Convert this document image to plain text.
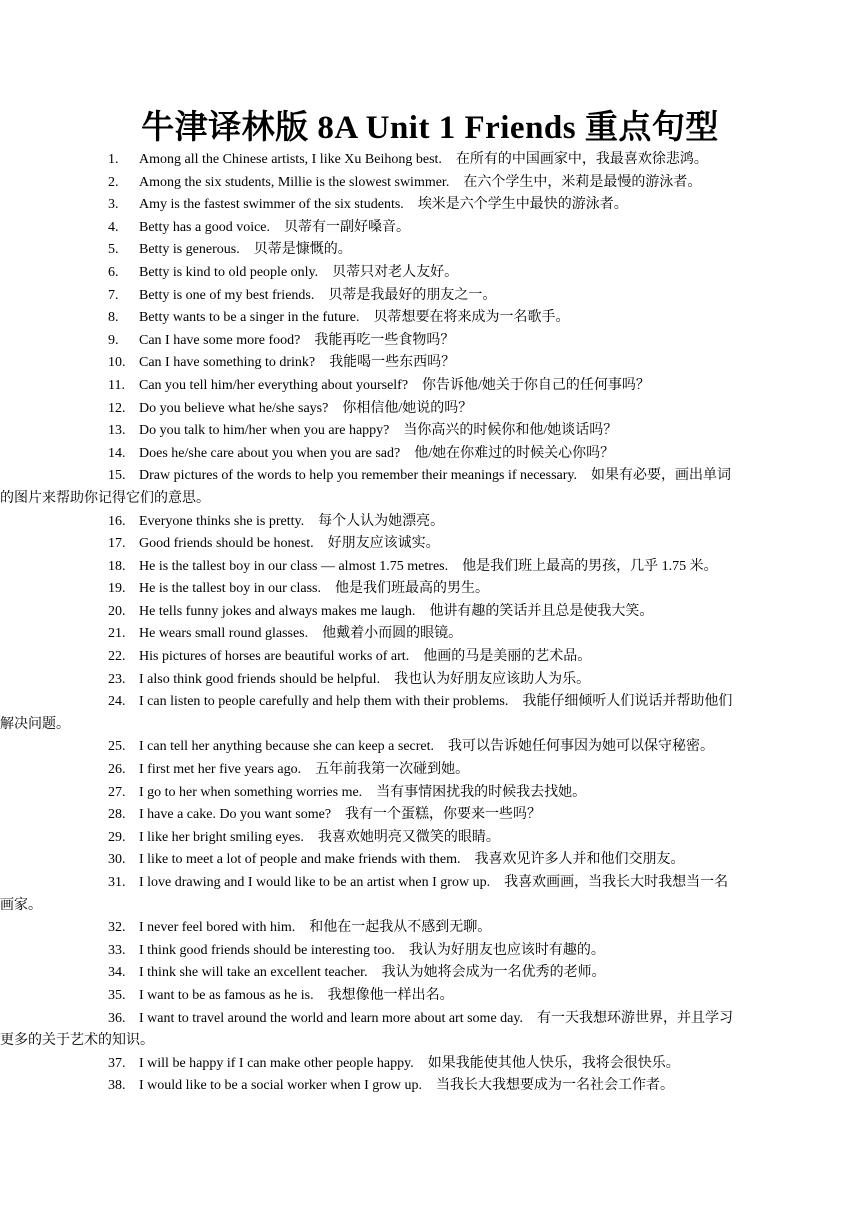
牛津译林版 8A Unit 1 Friends 重点句型
1. Among all the Chinese artists, I like Xu Beihong best. 在所有的中国画家中，我最喜欢徐悲鸿。
2. Among the six students, Millie is the slowest swimmer. 在六个学生中，米莉是最慢的游泳者。
3. Amy is the fastest swimmer of the six students. 埃米是六个学生中最快的游泳者。
4. Betty has a good voice. 贝蒂有一副好嗓音。
5. Betty is generous. 贝蒂是慷慨的。
6. Betty is kind to old people only. 贝蒂只对老人友好。
7. Betty is one of my best friends. 贝蒂是我最好的朋友之一。
8. Betty wants to be a singer in the future. 贝蒂想要在将来成为一名歌手。
9. Can I have some more food? 我能再吃一些食物吗？
10. Can I have something to drink? 我能喝一些东西吗？
11. Can you tell him/her everything about yourself? 你告诉他/她关于你自己的任何事吗？
12. Do you believe what he/she says? 你相信他/她说的吗？
13. Do you talk to him/her when you are happy? 当你高兴的时候你和他/她谈话吗？
14. Does he/she care about you when you are sad? 他/她在你难过的时候关心你吗？
15. Draw pictures of the words to help you remember their meanings if necessary. 如果有必要，画出单词
的图片来帮助你记得它们的意思。
16. Everyone thinks she is pretty. 每个人认为她漂亮。
17. Good friends should be honest. 好朋友应该诚实。
18. He is the tallest boy in our class — almost 1.75 metres. 他是我们班上最高的男孩，几乎 1.75 米。
19. He is the tallest boy in our class. 他是我们班最高的男生。
20. He tells funny jokes and always makes me laugh. 他讲有趣的笑话并且总是使我大笑。
21. He wears small round glasses. 他戴着小而圆的眼镜。
22. His pictures of horses are beautiful works of art. 他画的马是美丽的艺术品。
23. I also think good friends should be helpful. 我也认为好朋友应该助人为乐。
24. I can listen to people carefully and help them with their problems. 我能仔细倾听人们说话并帮助他们
解决问题。
25. I can tell her anything because she can keep a secret. 我可以告诉她任何事因为她可以保守秘密。
26. I first met her five years ago. 五年前我第一次碰到她。
27. I go to her when something worries me. 当有事情困扰我的时候我去找她。
28. I have a cake. Do you want some? 我有一个蛋糕，你要来一些吗？
29. I like her bright smiling eyes. 我喜欢她明亮又微笑的眼睛。
30. I like to meet a lot of people and make friends with them. 我喜欢见许多人并和他们交朋友。
31. I love drawing and I would like to be an artist when I grow up. 我喜欢画画，当我长大时我想当一名
画家。
32. I never feel bored with him. 和他在一起我从不感到无聊。
33. I think good friends should be interesting too. 我认为好朋友也应该时有趣的。
34. I think she will take an excellent teacher. 我认为她将会成为一名优秀的老师。
35. I want to be as famous as he is. 我想像他一样出名。
36. I want to travel around the world and learn more about art some day. 有一天我想环游世界，并且学习
更多的关于艺术的知识。
37. I will be happy if I can make other people happy. 如果我能使其他人快乐，我将会很快乐。
38. I would like to be a social worker when I grow up. 当我长大我想要成为一名社会工作者。
